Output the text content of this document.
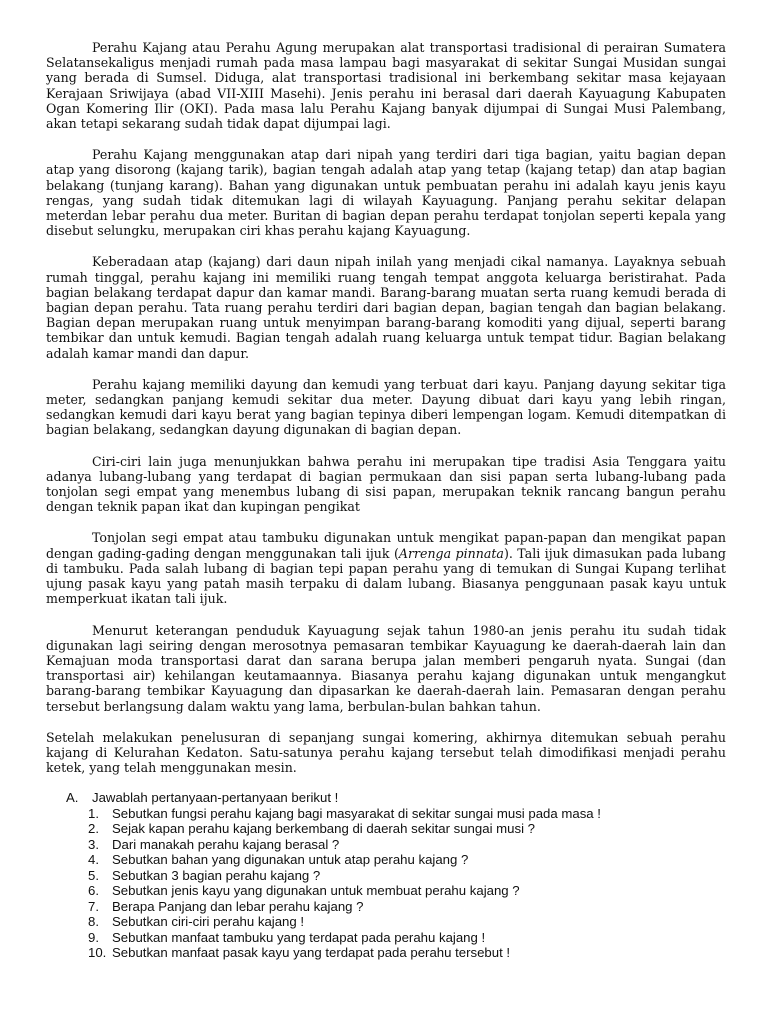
Perahu Kajang atau Perahu Agung merupakan alat transportasi tradisional di perairan Sumatera Selatansekaligus menjadi rumah pada masa lampau bagi masyarakat di sekitar Sungai Musidan sungai yang berada di Sumsel. Diduga, alat transportasi tradisional ini berkembang sekitar masa kejayaan Kerajaan Sriwijaya (abad VII-XIII Masehi). Jenis perahu ini berasal dari daerah Kayuagung Kabupaten Ogan Komering Ilir (OKI). Pada masa lalu Perahu Kajang banyak dijumpai di Sungai Musi Palembang, akan tetapi sekarang sudah tidak dapat dijumpai lagi.

Perahu Kajang menggunakan atap dari nipah yang terdiri dari tiga bagian, yaitu bagian depan atap yang disorong (kajang tarik), bagian tengah adalah atap yang tetap (kajang tetap) dan atap bagian belakang (tunjang karang). Bahan yang digunakan untuk pembuatan perahu ini adalah kayu jenis kayu rengas, yang sudah tidak ditemukan lagi di wilayah Kayuagung. Panjang perahu sekitar delapan meterdan lebar perahu dua meter. Buritan di bagian depan perahu terdapat tonjolan seperti kepala yang disebut selungku, merupakan ciri khas perahu kajang Kayuagung.

Keberadaan atap (kajang) dari daun nipah inilah yang menjadi cikal namanya. Layaknya sebuah rumah tinggal, perahu kajang ini memiliki ruang tengah tempat anggota keluarga beristirahat. Pada bagian belakang terdapat dapur dan kamar mandi. Barang-barang muatan serta ruang kemudi berada di bagian depan perahu. Tata ruang perahu terdiri dari bagian depan, bagian tengah dan bagian belakang. Bagian depan merupakan ruang untuk menyimpan barang-barang komoditi yang dijual, seperti barang tembikar dan untuk kemudi. Bagian tengah adalah ruang keluarga untuk tempat tidur. Bagian belakang adalah kamar mandi dan dapur.

Perahu kajang memiliki dayung dan kemudi yang terbuat dari kayu. Panjang dayung sekitar tiga meter, sedangkan panjang kemudi sekitar dua meter. Dayung dibuat dari kayu yang lebih ringan, sedangkan kemudi dari kayu berat yang bagian tepinya diberi lempengan logam. Kemudi ditempatkan di bagian belakang, sedangkan dayung digunakan di bagian depan.

Ciri-ciri lain juga menunjukkan bahwa perahu ini merupakan tipe tradisi Asia Tenggara yaitu adanya lubang-lubang yang terdapat di bagian permukaan dan sisi papan serta lubang-lubang pada tonjolan segi empat yang menembus lubang di sisi papan, merupakan teknik rancang bangun perahu dengan teknik papan ikat dan kupingan pengikat

Tonjolan segi empat atau tambuku digunakan untuk mengikat papan-papan dan mengikat papan dengan gading-gading dengan menggunakan tali ijuk (Arrenga pinnata). Tali ijuk dimasukan pada lubang di tambuku. Pada salah lubang di bagian tepi papan perahu yang di temukan di Sungai Kupang terlihat ujung pasak kayu yang patah masih terpaku di dalam lubang. Biasanya penggunaan pasak kayu untuk memperkuat ikatan tali ijuk.

Menurut keterangan penduduk Kayuagung sejak tahun 1980-an jenis perahu itu sudah tidak digunakan lagi seiring dengan merosotnya pemasaran tembikar Kayuagung ke daerah-daerah lain dan Kemajuan moda transportasi darat dan sarana berupa jalan memberi pengaruh nyata. Sungai (dan transportasi air) kehilangan keutamaannya. Biasanya perahu kajang digunakan untuk mengangkut barang-barang tembikar Kayuagung dan dipasarkan ke daerah-daerah lain. Pemasaran dengan perahu tersebut berlangsung dalam waktu yang lama, berbulan-bulan bahkan tahun.

Setelah melakukan penelusuran di sepanjang sungai komering, akhirnya ditemukan sebuah perahu kajang di Kelurahan Kedaton. Satu-satunya perahu kajang tersebut telah dimodifikasi menjadi perahu ketek, yang telah menggunakan mesin.

A.	Jawablah pertanyaan-pertanyaan berikut !
1. Sebutkan fungsi perahu kajang bagi masyarakat di sekitar sungai musi pada masa !
2. Sejak kapan perahu kajang berkembang di daerah sekitar sungai musi ?
3. Dari manakah perahu kajang berasal ?
4. Sebutkan bahan yang digunakan untuk atap perahu kajang ?
5. Sebutkan 3 bagian perahu kajang ?
6. Sebutkan jenis kayu yang digunakan untuk membuat perahu kajang ?
7. Berapa Panjang dan lebar perahu kajang ?
8. Sebutkan ciri-ciri perahu kajang !
9. Sebutkan manfaat tambuku yang terdapat pada perahu kajang !
10. Sebutkan manfaat pasak kayu yang terdapat pada perahu tersebut !
